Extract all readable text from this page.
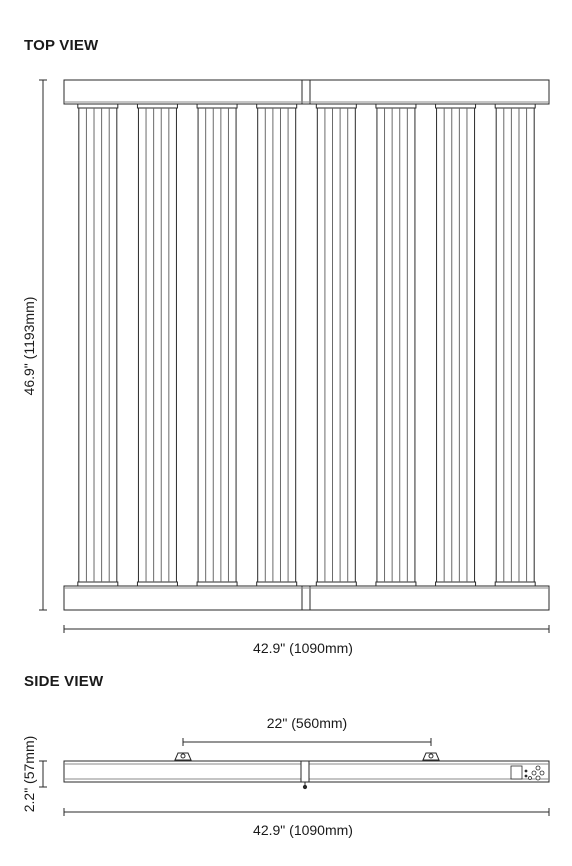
TOP VIEW
SIDE VIEW
46.9" (1193mm)
42.9" (1090mm)
22" (560mm)
2.2" (57mm)
42.9" (1090mm)
